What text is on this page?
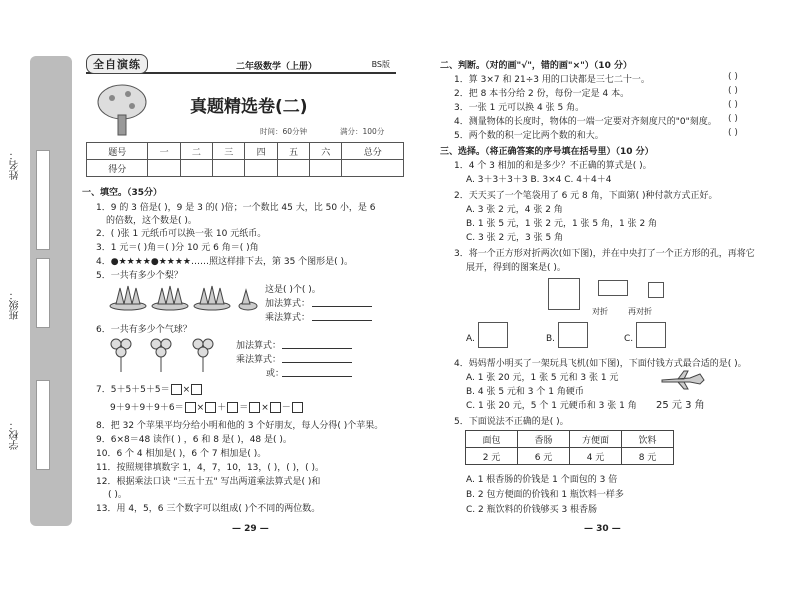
姓名：
班级：
学校：
全自演练	二年级数学（上册）	BS版
真题精选卷(二)
时间：60分钟	满分：100分
题号	一	二	三	四	五	六	总分
得分							
一、填空。（35分）
1．9 的 3 倍是( )，9 是 3 的( )倍；一个数比 45 大，比 50 小，是 6
的倍数，这个数是( )。
2．( )张 1 元纸币可以换一张 10 元纸币。
3．1 元＝( )角＝( )分 10 元 6 角＝( )角
4．●★★★★●★★★★……照这样排下去，第 35 个图形是( )。
5．一共有多少个梨？
这是( )个( )。
加法算式：
乘法算式：
6．一共有多少个气球？
加法算式：
乘法算式：
或：
7．5＋5＋5＋5＝ ×
9＋9＋9＋9＋6＝ × ＋ ＝ × －
8．把 32 个苹果平均分给小明和他的 3 个好朋友，每人分得( )个苹果。
9．6×8＝48 读作( ) ，6 和 8 是( )，48 是( )。
10．6 个 4 相加是( )，6 个 7 相加是( )。
11．按照规律填数字 1，4，7，10，13，( )，( )，( )。
12．根据乘法口诀 "三五十五" 写出两道乘法算式是( )和
( )。
13．用 4，5，6 三个数字可以组成( )个不同的两位数。
— 29 —
二、判断。（对的画"√"，错的画"×"）（10 分）
1．算 3×7 和 21÷3 用的口诀都是三七二十一。	( )
2．把 8 本书分给 2 份，每份一定是 4 本。	( )
3．一张 1 元可以换 4 张 5 角。	( )
4．测量物体的长度时，物体的一端一定要对齐刻度尺的"0"刻度。 ( )
5．两个数的积一定比两个数的和大。	( )
三、选择。（将正确答案的序号填在括号里）（10 分）
1．4 个 3 相加的和是多少？不正确的算式是( )。
A. 3＋3＋3＋3 B. 3×4 C. 4＋4＋4
2．天天买了一个笔袋用了 6 元 8 角，下面第( )种付款方式正好。
A. 3 张 2 元，4 张 2 角
B. 1 张 5 元，1 张 2 元，1 张 5 角，1 张 2 角
C. 3 张 2 元，3 张 5 角
3．将一个正方形对折两次(如下图)，并在中央打了一个正方形的孔，再将它
展开，得到的图案是( )。
对折	再对折
A.	B.	C.
4．妈妈帮小明买了一架玩具飞机(如下图)，下面付钱方式最合适的是( )。
A. 1 张 20 元，1 张 5 元和 3 张 1 元
B. 4 张 5 元和 3 个 1 角硬币
C. 1 张 20 元，5 个 1 元硬币和 3 张 1 角 25 元 3 角
5．下面说法不正确的是( )。
面包	香肠	方便面	饮料
2 元	6 元	4 元	8 元
A. 1 根香肠的价钱是 1 个面包的 3 倍
B. 2 包方便面的价钱和 1 瓶饮料一样多
C. 2 瓶饮料的价钱够买 3 根香肠
— 30 —
